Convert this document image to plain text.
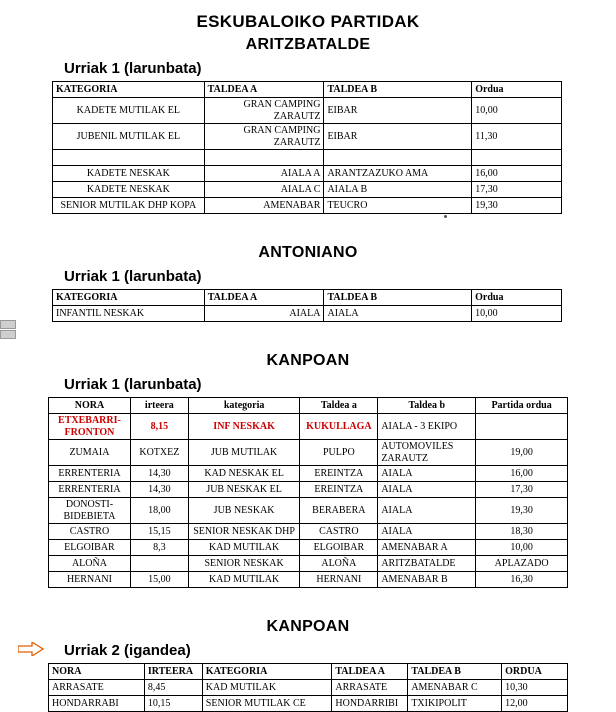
ESKUBALOIKO PARTIDAK
ARITZBATALDE
Urriak 1 (larunbata)
KATEGORIA	TALDEA A	TALDEA B	Ordua
KADETE MUTILAK EL	GRAN CAMPING ZARAUTZ	EIBAR	10,00
JUBENIL MUTILAK EL	GRAN CAMPING ZARAUTZ	EIBAR	11,30

KADETE NESKAK	AIALA A	ARANTZAZUKO AMA	16,00
KADETE NESKAK	AIALA C	AIALA B	17,30
SENIOR MUTILAK DHP KOPA	AMENABAR	TEUCRO	19,30
ANTONIANO
Urriak 1 (larunbata)
KATEGORIA	TALDEA A	TALDEA B	Ordua
INFANTIL NESKAK	AIALA	AIALA	10,00
KANPOAN
Urriak 1 (larunbata)
NORA	irteera	kategoria	Taldea a	Taldea b	Partida ordua
ETXEBARRI-FRONTON	8,15	INF NESKAK	KUKULLAGA	AIALA - 3 EKIPO	
ZUMAIA	KOTXEZ	JUB MUTILAK	PULPO	AUTOMOVILES ZARAUTZ	19,00
ERRENTERIA	14,30	KAD NESKAK EL	EREINTZA	AIALA	16,00
ERRENTERIA	14,30	JUB NESKAK EL	EREINTZA	AIALA	17,30
DONOSTI-BIDEBIETA	18,00	JUB NESKAK	BERABERA	AIALA	19,30
CASTRO	15,15	SENIOR NESKAK DHP	CASTRO	AIALA	18,30
ELGOIBAR	8,3	KAD MUTILAK	ELGOIBAR	AMENABAR A	10,00
ALOÑA		SENIOR NESKAK	ALOÑA	ARITZBATALDE	APLAZADO
HERNANI	15,00	KAD MUTILAK	HERNANI	AMENABAR B	16,30
KANPOAN
Urriak 2 (igandea)
NORA	IRTEERA	KATEGORIA	TALDEA A	TALDEA B	ORDUA
ARRASATE	8,45	KAD MUTILAK	ARRASATE	AMENABAR C	10,30
HONDARRABI	10,15	SENIOR MUTILAK CE	HONDARRIBI	TXIKIPOLIT	12,00
